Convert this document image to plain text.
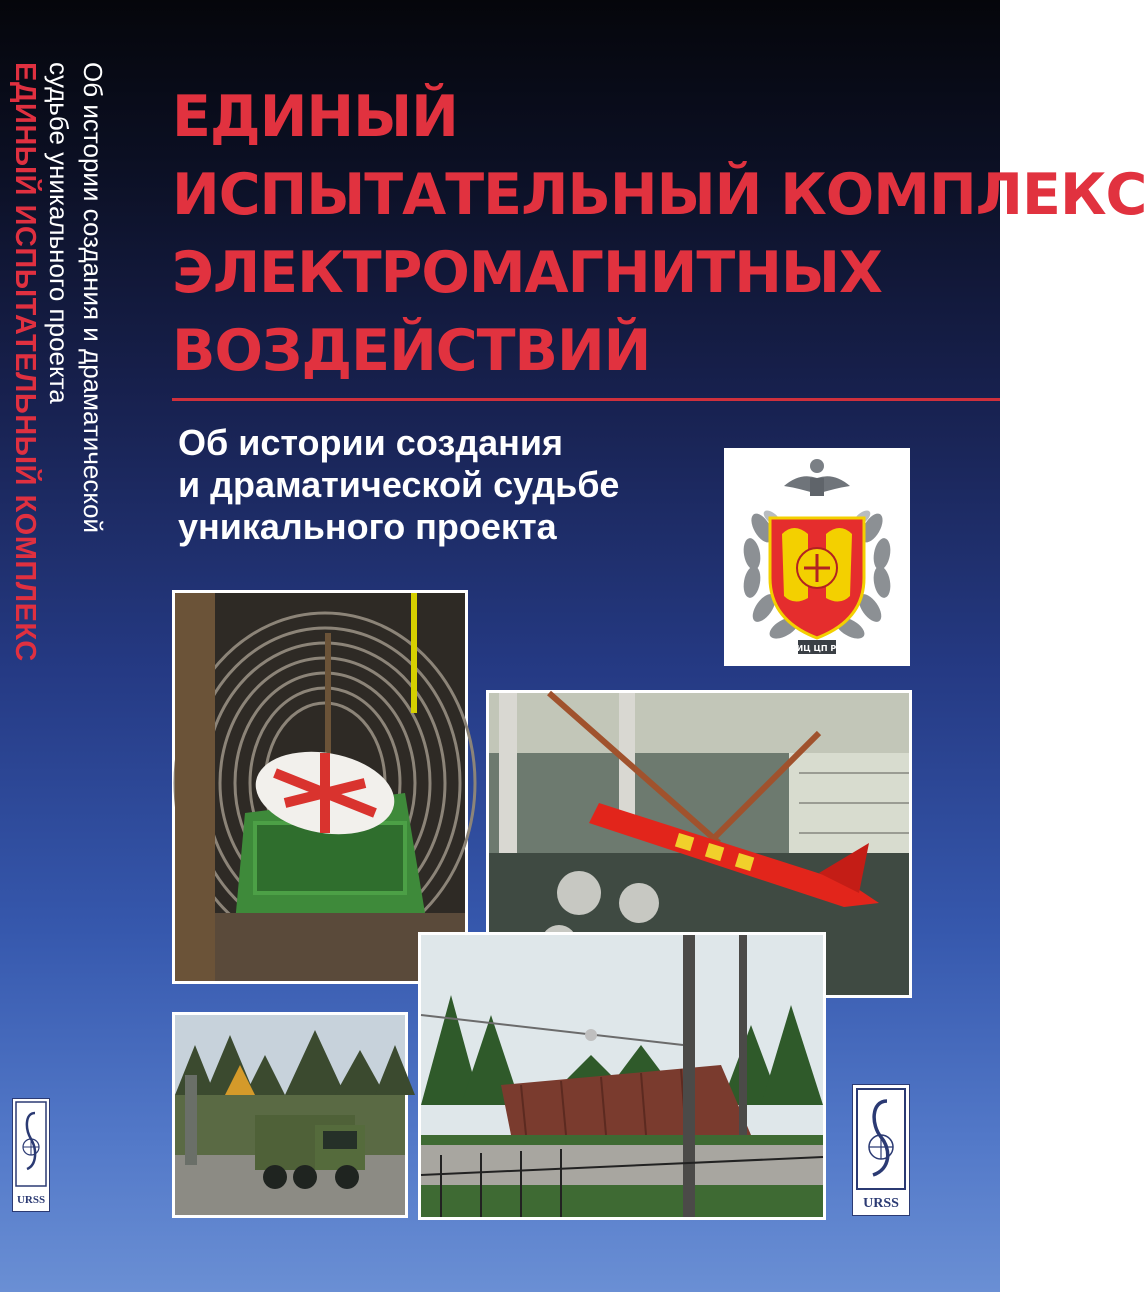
ЕДИНЫЙ ИСПЫТАТЕЛЬНЫЙ КОМПЛЕКС Об истории создания и драматической
судьбе уникального проекта
URSS
ЕДИНЫЙ
ИСПЫТАТЕЛЬНЫЙ КОМПЛЕКС
ЭЛЕКТРОМАГНИТНЫХ
ВОЗДЕЙСТВИЙ
Об истории создания
и драматической судьбе
уникального проекта
НИЦ ЦП РФ
URSS
